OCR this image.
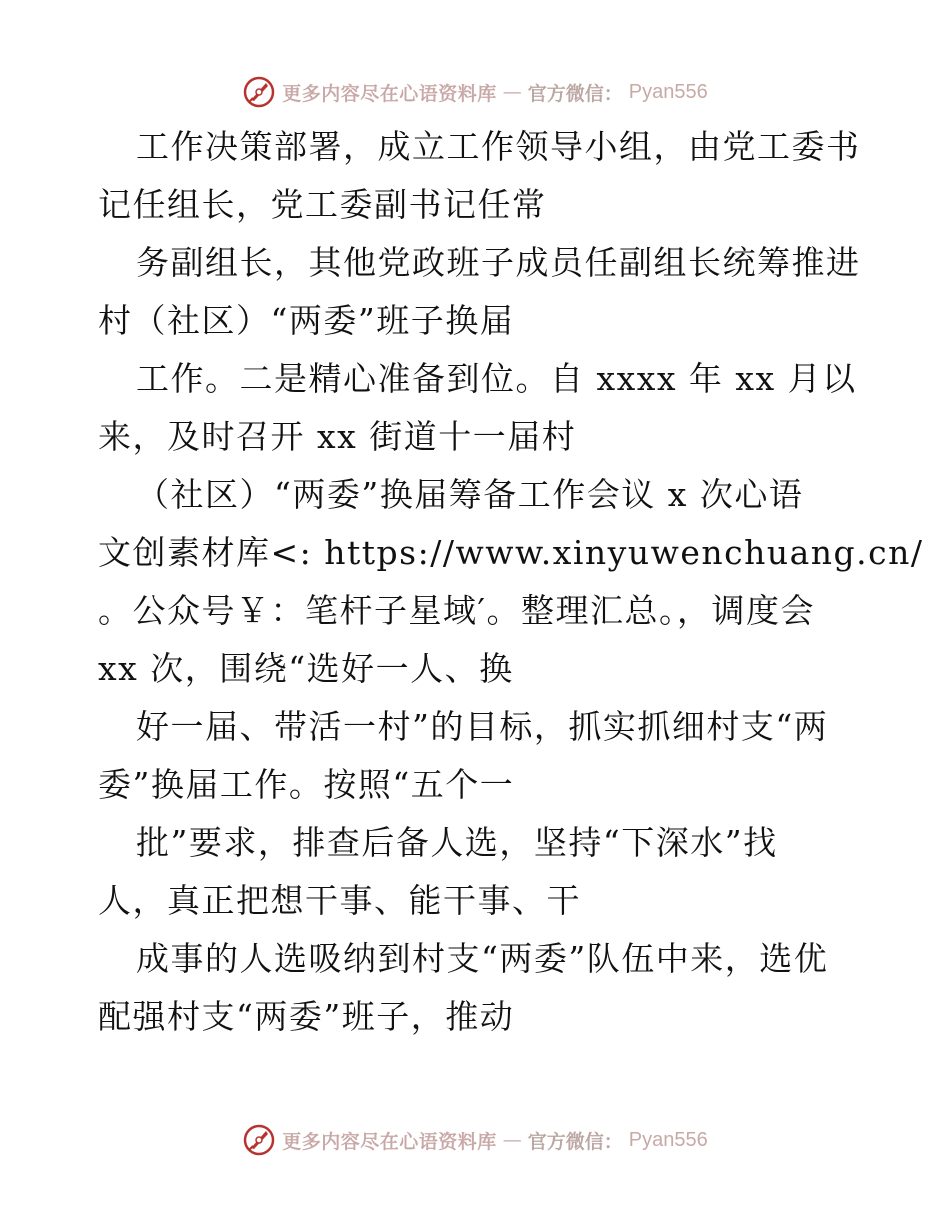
更多内容尽在心语资料库 — 官方微信： Pyan556
工作决策部署，成立工作领导小组，由党工委书
记任组长，党工委副书记任常
务副组长，其他党政班子成员任副组长统筹推进
村（社区）“两委”班子换届
工作。二是精心准备到位。自 xxxx 年 xx 月以
来，及时召开 xx 街道十一届村
（社区）“两委”换届筹备工作会议 x 次心语
文创素材库<: https://www.xinyuwenchuang.cn/
。公众号￥：笔杆子星域′。整理汇总。，调度会
xx 次，围绕“选好一人、换
好一届、带活一村”的目标，抓实抓细村支“两
委”换届工作。按照“五个一
批”要求，排查后备人选，坚持“下深水”找
人，真正把想干事、能干事、干
成事的人选吸纳到村支“两委”队伍中来，选优
配强村支“两委”班子，推动
更多内容尽在心语资料库 — 官方微信： Pyan556
